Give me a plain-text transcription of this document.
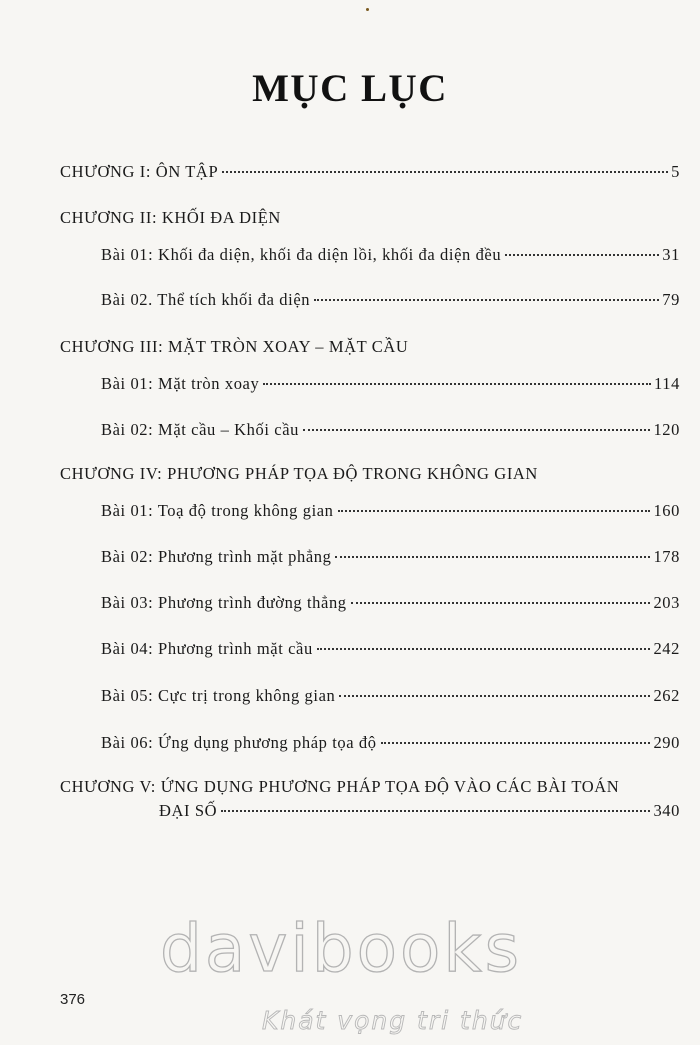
MỤC LỤC
CHƯƠNG I: ÔN TẬP	5
CHƯƠNG II: KHỐI ĐA DIỆN
Bài 01: Khối đa diện, khối đa diện lồi, khối đa diện đều	31
Bài 02. Thể tích khối đa diện	79
CHƯƠNG III: MẶT TRÒN XOAY – MẶT CẦU
Bài 01: Mặt tròn xoay	114
Bài 02: Mặt cầu – Khối cầu	120
CHƯƠNG IV: PHƯƠNG PHÁP TỌA ĐỘ TRONG KHÔNG GIAN
Bài 01: Toạ độ trong không gian	160
Bài 02: Phương trình mặt phẳng	178
Bài 03: Phương trình đường thẳng	203
Bài 04: Phương trình mặt cầu	242
Bài 05: Cực trị trong không gian	262
Bài 06: Ứng dụng phương pháp tọa độ	290
CHƯƠNG V: ỨNG DỤNG PHƯƠNG PHÁP TỌA ĐỘ VÀO CÁC BÀI TOÁN
ĐẠI SỐ	340
davibooks
Khát vọng tri thức
376
